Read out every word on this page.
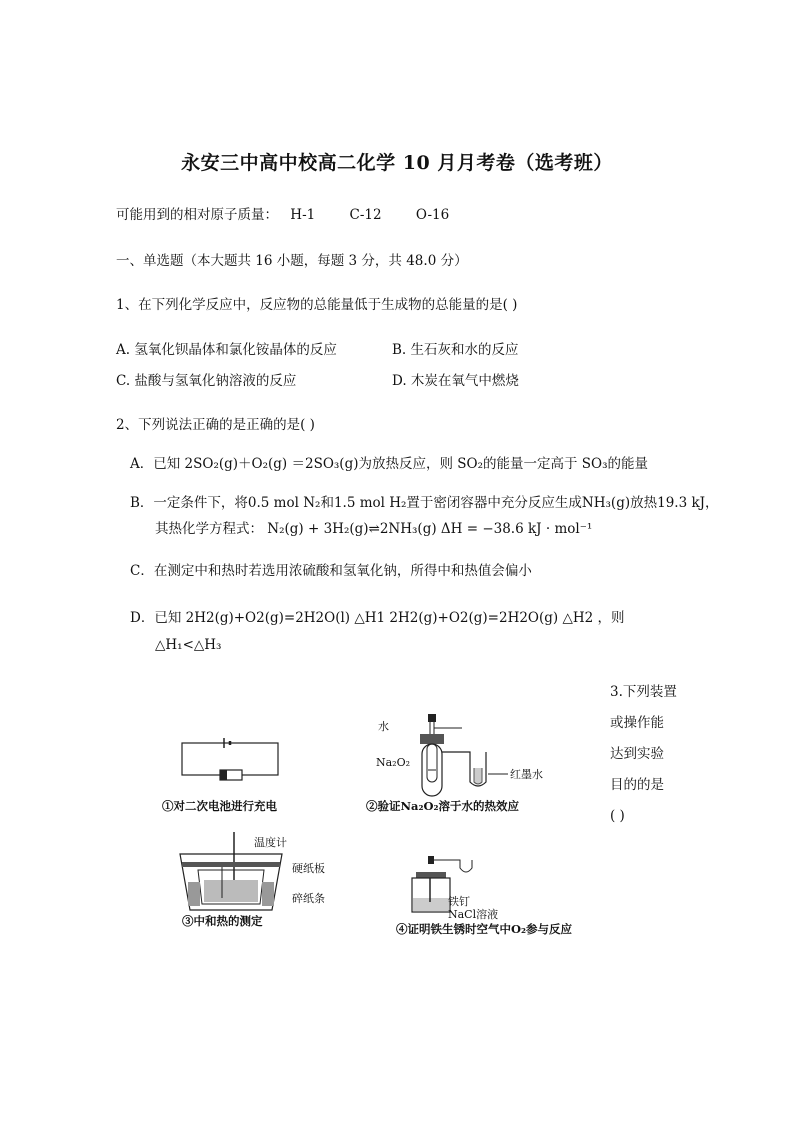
永安三中高中校高二化学 10 月月考卷（选考班）
可能用到的相对原子质量： H-1	C-12	O-16
一、单选题（本大题共 16 小题，每题 3 分，共 48.0 分）
1、在下列化学反应中，反应物的总能量低于生成物的总能量的是( )
A. 氢氧化钡晶体和氯化铵晶体的反应	B. 生石灰和水的反应
C. 盐酸与氢氧化钠溶液的反应	D. 木炭在氧气中燃烧
2、下列说法正确的是正确的是( )
A．已知 2SO₂(g)＋O₂(g) ＝2SO₃(g)为放热反应，则 SO₂的能量一定高于 SO₃的能量
B．一定条件下，将0.5 mol N₂和1.5 mol H₂置于密闭容器中充分反应生成NH₃(g)放热19.3 kJ，
其热化学方程式： N₂(g) + 3H₂(g)⇌2NH₃(g) ΔH = −38.6 kJ · mol⁻¹
C．在测定中和热时若选用浓硫酸和氢氧化钠，所得中和热值会偏小
D．已知 2H2(g)+O2(g)=2H2O(l) △H1 2H2(g)+O2(g)=2H2O(g) △H2 ，则
△H₁<△H₃
3.下列装置
或操作能
达到实验
目的的是
( )
①对二次电池进行充电
水
Na₂O₂
红墨水
②验证Na₂O₂溶于水的热效应
温度计
硬纸板
碎纸条
③中和热的测定
铁钉
NaCl溶液
④证明铁生锈时空气中O₂参与反应
